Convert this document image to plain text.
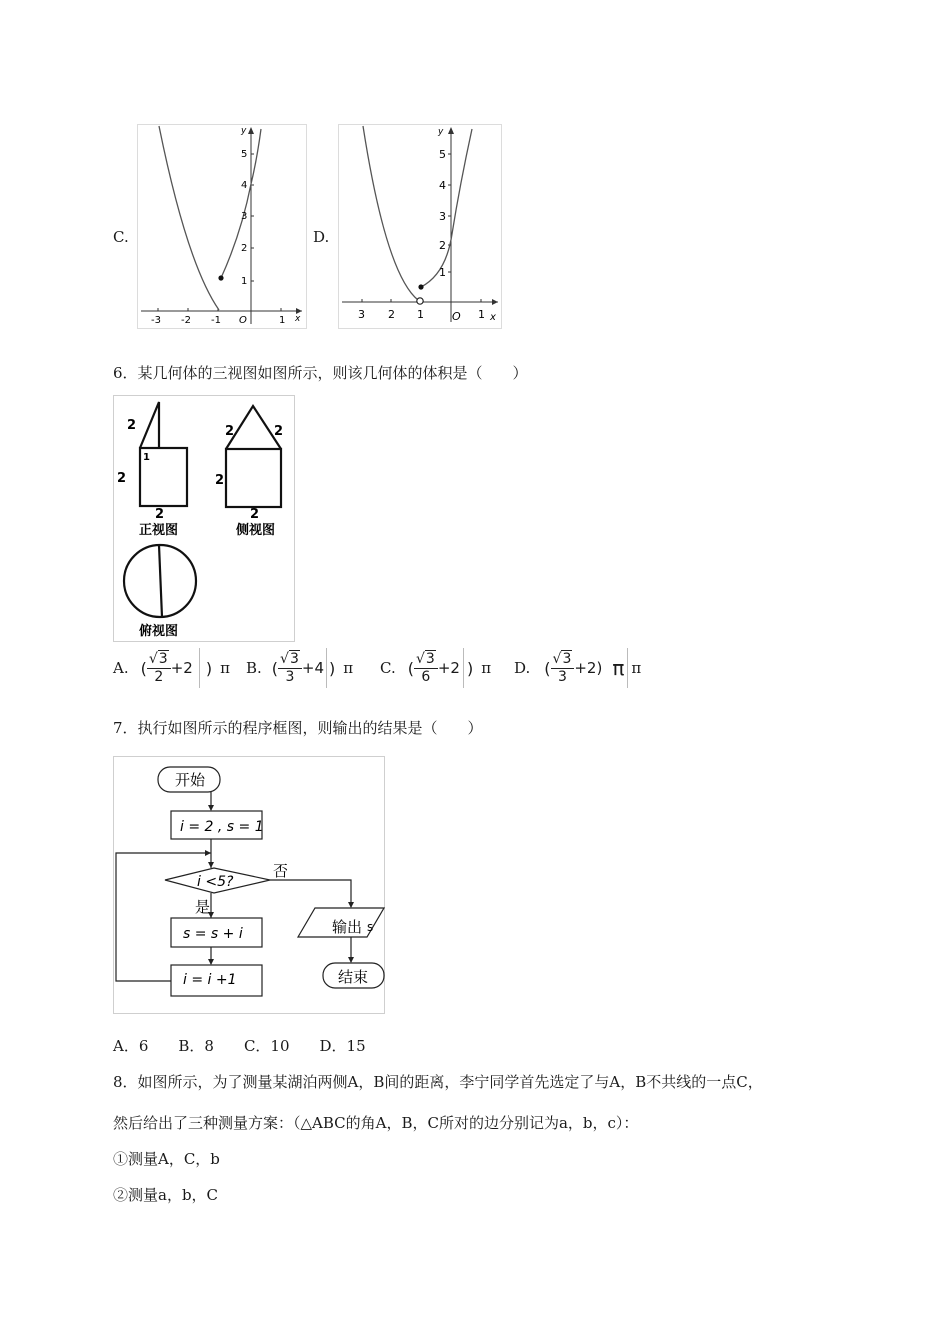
C.
-3 -2 -1 O	1 x
y
1
2
3
4
5
D.
3 2 1	O 1 x
y
1
2
3
4
5
6．某几何体的三视图如图所示，则该几何体的体积是（　　）
2
1
2
2
正视图
2	2
2
2
侧视图
俯视图
A. ( $\frac{√ 3}{2} +2$ ) π B. ( $\frac{√ 3}{3} +4$ ) π C. ( $\frac{√ 3}{6} +2$ ) π D. ( $\frac{√ 3}{3} +2$) π π
7．执行如图所示的程序框图，则输出的结果是（　　）
开始
i = 2 , s = 1
i <5?
否
是
s = s + i
i = i +1
输出 s
结束
A．6　　B．8　　C．10　　D．15
8．如图所示，为了测量某湖泊两侧A，B间的距离，李宁同学首先选定了与A，B不共线的一点C，
然后给出了三种测量方案：（△ABC的角A，B，C所对的边分别记为a，b，c）：
①测量A，C，b
②测量a，b，C
